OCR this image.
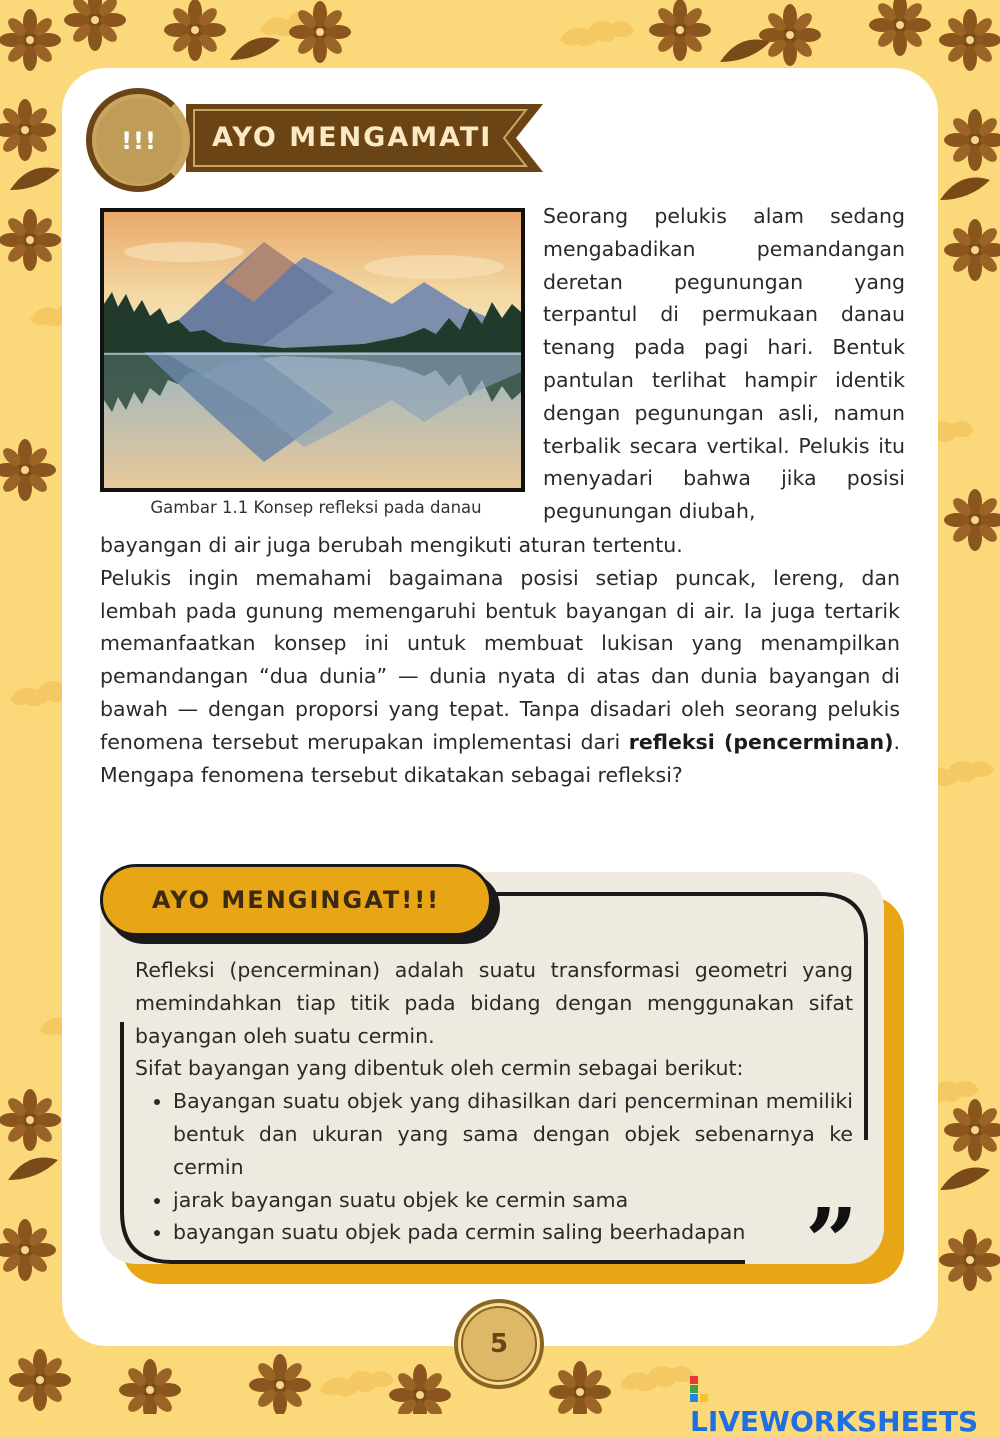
!!!	AYO MENGAMATI
Gambar 1.1 Konsep refleksi pada danau

Seorang pelukis alam sedang mengabadikan pemandangan deretan pegunungan yang terpantul di permukaan danau tenang pada pagi hari. Bentuk pantulan terlihat hampir identik dengan pegunungan asli, namun terbalik secara vertikal. Pelukis itu menyadari bahwa jika posisi pegunungan diubah,

bayangan di air juga berubah mengikuti aturan tertentu.

Pelukis ingin memahami bagaimana posisi setiap puncak, lereng, dan lembah pada gunung memengaruhi bentuk bayangan di air. Ia juga tertarik memanfaatkan konsep ini untuk membuat lukisan yang menampilkan pemandangan “dua dunia” — dunia nyata di atas dan dunia bayangan di bawah — dengan proporsi yang tepat. Tanpa disadari oleh seorang pelukis fenomena tersebut merupakan implementasi dari refleksi (pencerminan). Mengapa fenomena tersebut dikatakan sebagai refleksi?

AYO MENGINGAT!!!

Refleksi (pencerminan) adalah suatu transformasi geometri yang memindahkan tiap titik pada bidang dengan menggunakan sifat bayangan oleh suatu cermin.

Sifat bayangan yang dibentuk oleh cermin sebagai berikut:

• Bayangan suatu objek yang dihasilkan dari pencerminan memiliki bentuk dan ukuran yang sama dengan objek sebenarnya ke cermin
• jarak bayangan suatu objek ke cermin sama
• bayangan suatu objek pada cermin saling beerhadapan ”
5
LIVEWORKSHEETS
